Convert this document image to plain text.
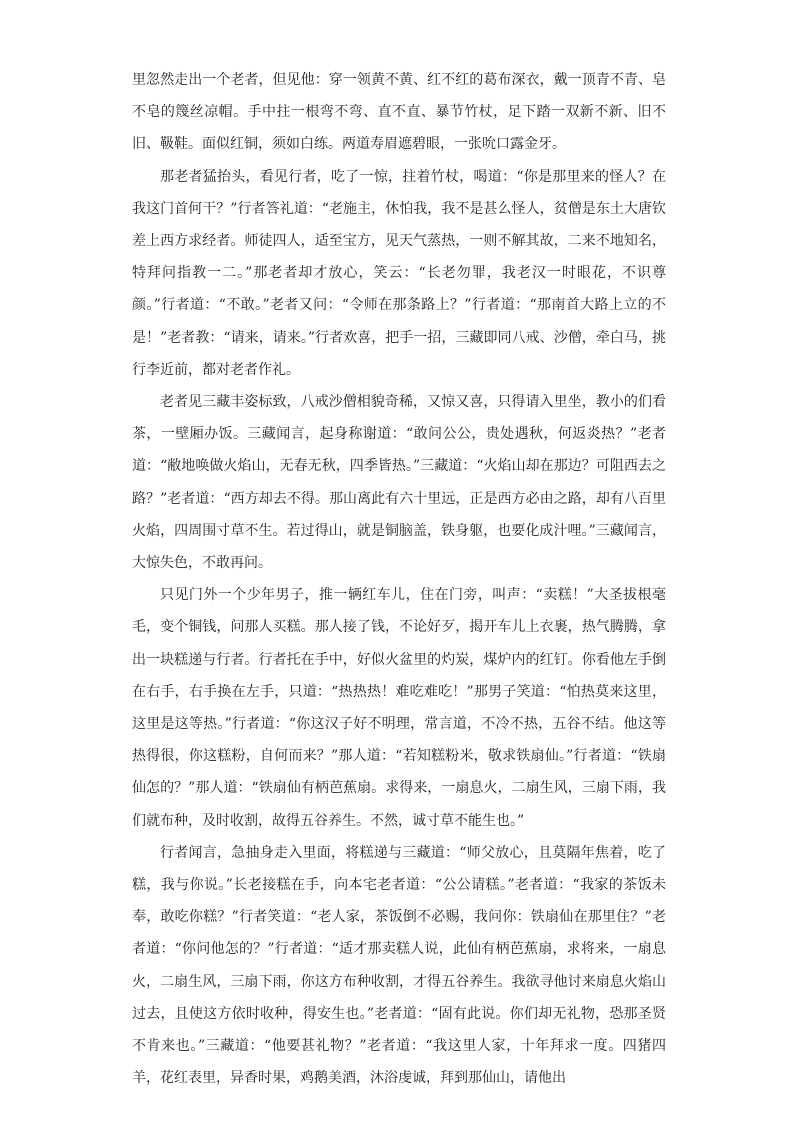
里忽然走出一个老者，但见他：穿一领黄不黄、红不红的葛布深衣，戴一顶青不青、皂不皂的篾丝凉帽。手中拄一根弯不弯、直不直、暴节竹杖，足下踏一双新不新、旧不旧、靸鞋。面似红铜，须如白练。两道寿眉遮碧眼，一张吮口露金牙。

那老者猛抬头，看见行者，吃了一惊，拄着竹杖，喝道：“你是那里来的怪人？在我这门首何干？”行者答礼道：“老施主，休怕我，我不是甚么怪人，贫僧是东土大唐钦差上西方求经者。师徒四人，适至宝方，见天气蒸热，一则不解其故，二来不地知名，特拜问指教一二。”那老者却才放心，笑云：“长老勿罪，我老汉一时眼花，不识尊颜。”行者道：“不敢。”老者又问：“令师在那条路上？”行者道：“那南首大路上立的不是！”老者教：“请来，请来。”行者欢喜，把手一招，三藏即同八戒、沙僧，牵白马，挑行李近前，都对老者作礼。

老者见三藏丰姿标致，八戒沙僧相貌奇稀，又惊又喜，只得请入里坐，教小的们看茶，一壁厢办饭。三藏闻言，起身称谢道：“敢问公公，贵处遇秋，何返炎热？”老者道：“敝地唤做火焰山，无春无秋，四季皆热。”三藏道：“火焰山却在那边？可阻西去之路？”老者道：“西方却去不得。那山离此有六十里远，正是西方必由之路，却有八百里火焰，四周围寸草不生。若过得山，就是铜脑盖，铁身躯，也要化成汁哩。”三藏闻言，大惊失色，不敢再问。

只见门外一个少年男子，推一辆红车儿，住在门旁，叫声：“卖糕！”大圣拔根毫毛，变个铜钱，问那人买糕。那人接了钱，不论好歹，揭开车儿上衣裹，热气腾腾，拿出一块糕递与行者。行者托在手中，好似火盆里的灼炭，煤炉内的红钉。你看他左手倒在右手，右手换在左手，只道：“热热热！难吃难吃！”那男子笑道：“怕热莫来这里，这里是这等热。”行者道：“你这汉子好不明理，常言道，不冷不热，五谷不结。他这等热得很，你这糕粉，自何而来？”那人道：“若知糕粉米，敬求铁扇仙。”行者道：“铁扇仙怎的？”那人道：“铁扇仙有柄芭蕉扇。求得来，一扇息火，二扇生风，三扇下雨，我们就布种，及时收割，故得五谷养生。不然，诚寸草不能生也。”

行者闻言，急抽身走入里面，将糕递与三藏道：“师父放心，且莫隔年焦着，吃了糕，我与你说。”长老接糕在手，向本宅老者道：“公公请糕。”老者道：“我家的茶饭未奉，敢吃你糕？”行者笑道：“老人家，茶饭倒不必赐，我问你：铁扇仙在那里住？”老者道：“你问他怎的？”行者道：“适才那卖糕人说，此仙有柄芭蕉扇，求将来，一扇息火，二扇生风，三扇下雨，你这方布种收割，才得五谷养生。我欲寻他讨来扇息火焰山过去，且使这方依时收种，得安生也。”老者道：“固有此说。你们却无礼物，恐那圣贤不肯来也。”三藏道：“他要甚礼物？”老者道：“我这里人家，十年拜求一度。四猪四羊，花红表里，异香时果，鸡鹅美酒，沐浴虔诚，拜到那仙山，请他出
